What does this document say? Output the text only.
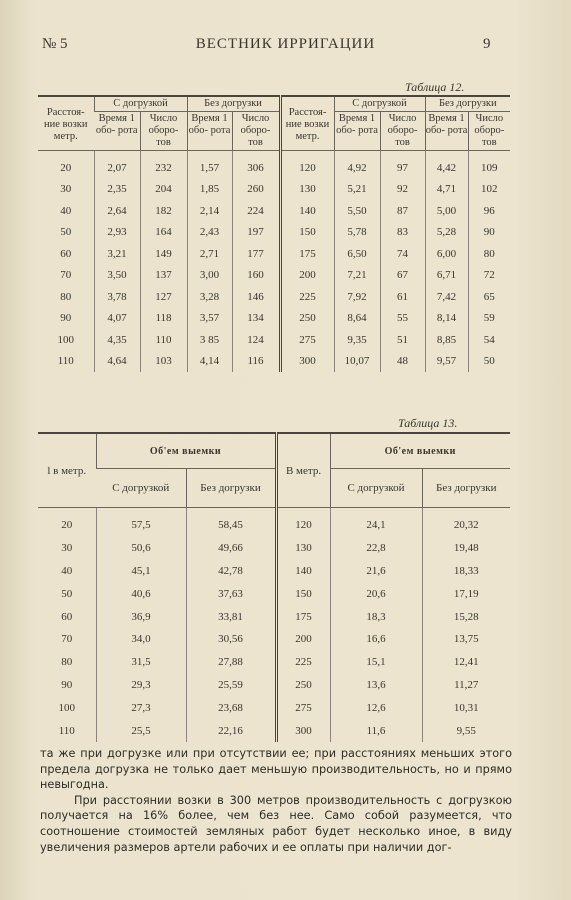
№ 5	ВЕСТНИК ИРРИГАЦИИ	9
Таблица 12.
Расстоя- ние возки метр.	С догрузкой		Без догрузки		Расстоя- ние возки метр.	С догрузкой		Без догрузки	
	Время 1 обо- рота	Число оборо- тов	Время 1 обо- рота	Число оборо- тов		Время 1 обо- рота	Число оборо- тов	Время 1 обо- рота	Число оборо- тов
20	2,07	232	1,57	306	120	4,92	97	4,42	109
30	2,35	204	1,85	260	130	5,21	92	4,71	102
40	2,64	182	2,14	224	140	5,50	87	5,00	96
50	2,93	164	2,43	197	150	5,78	83	5,28	90
60	3,21	149	2,71	177	175	6,50	74	6,00	80
70	3,50	137	3,00	160	200	7,21	67	6,71	72
80	3,78	127	3,28	146	225	7,92	61	7,42	65
90	4,07	118	3,57	134	250	8,64	55	8,14	59
100	4,35	110	3 85	124	275	9,35	51	8,85	54
110	4,64	103	4,14	116	300	10,07	48	9,57	50
Таблица 13.
l в метр.	Об'ем выемки		В метр.	Об'ем выемки	
	С догрузкой	Без догрузки		С догрузкой	Без догрузки
20	57,5	58,45	120	24,1	20,32
30	50,6	49,66	130	22,8	19,48
40	45,1	42,78	140	21,6	18,33
50	40,6	37,63	150	20,6	17,19
60	36,9	33,81	175	18,3	15,28
70	34,0	30,56	200	16,6	13,75
80	31,5	27,88	225	15,1	12,41
90	29,3	25,59	250	13,6	11,27
100	27,3	23,68	275	12,6	10,31
110	25,5	22,16	300	11,6	9,55

та же при догрузке или при отсутствии ее; при расстояниях меньших этого предела догрузка не только дает меньшую производительность, но и прямо невыгодна.

При расстоянии возки в 300 метров производительность с догрузкою получается на 16% более, чем без нее. Само собой разумеется, что соотношение стоимостей земляных работ будет несколько иное, в виду увеличения размеров артели рабочих и ее оплаты при наличии дог-
